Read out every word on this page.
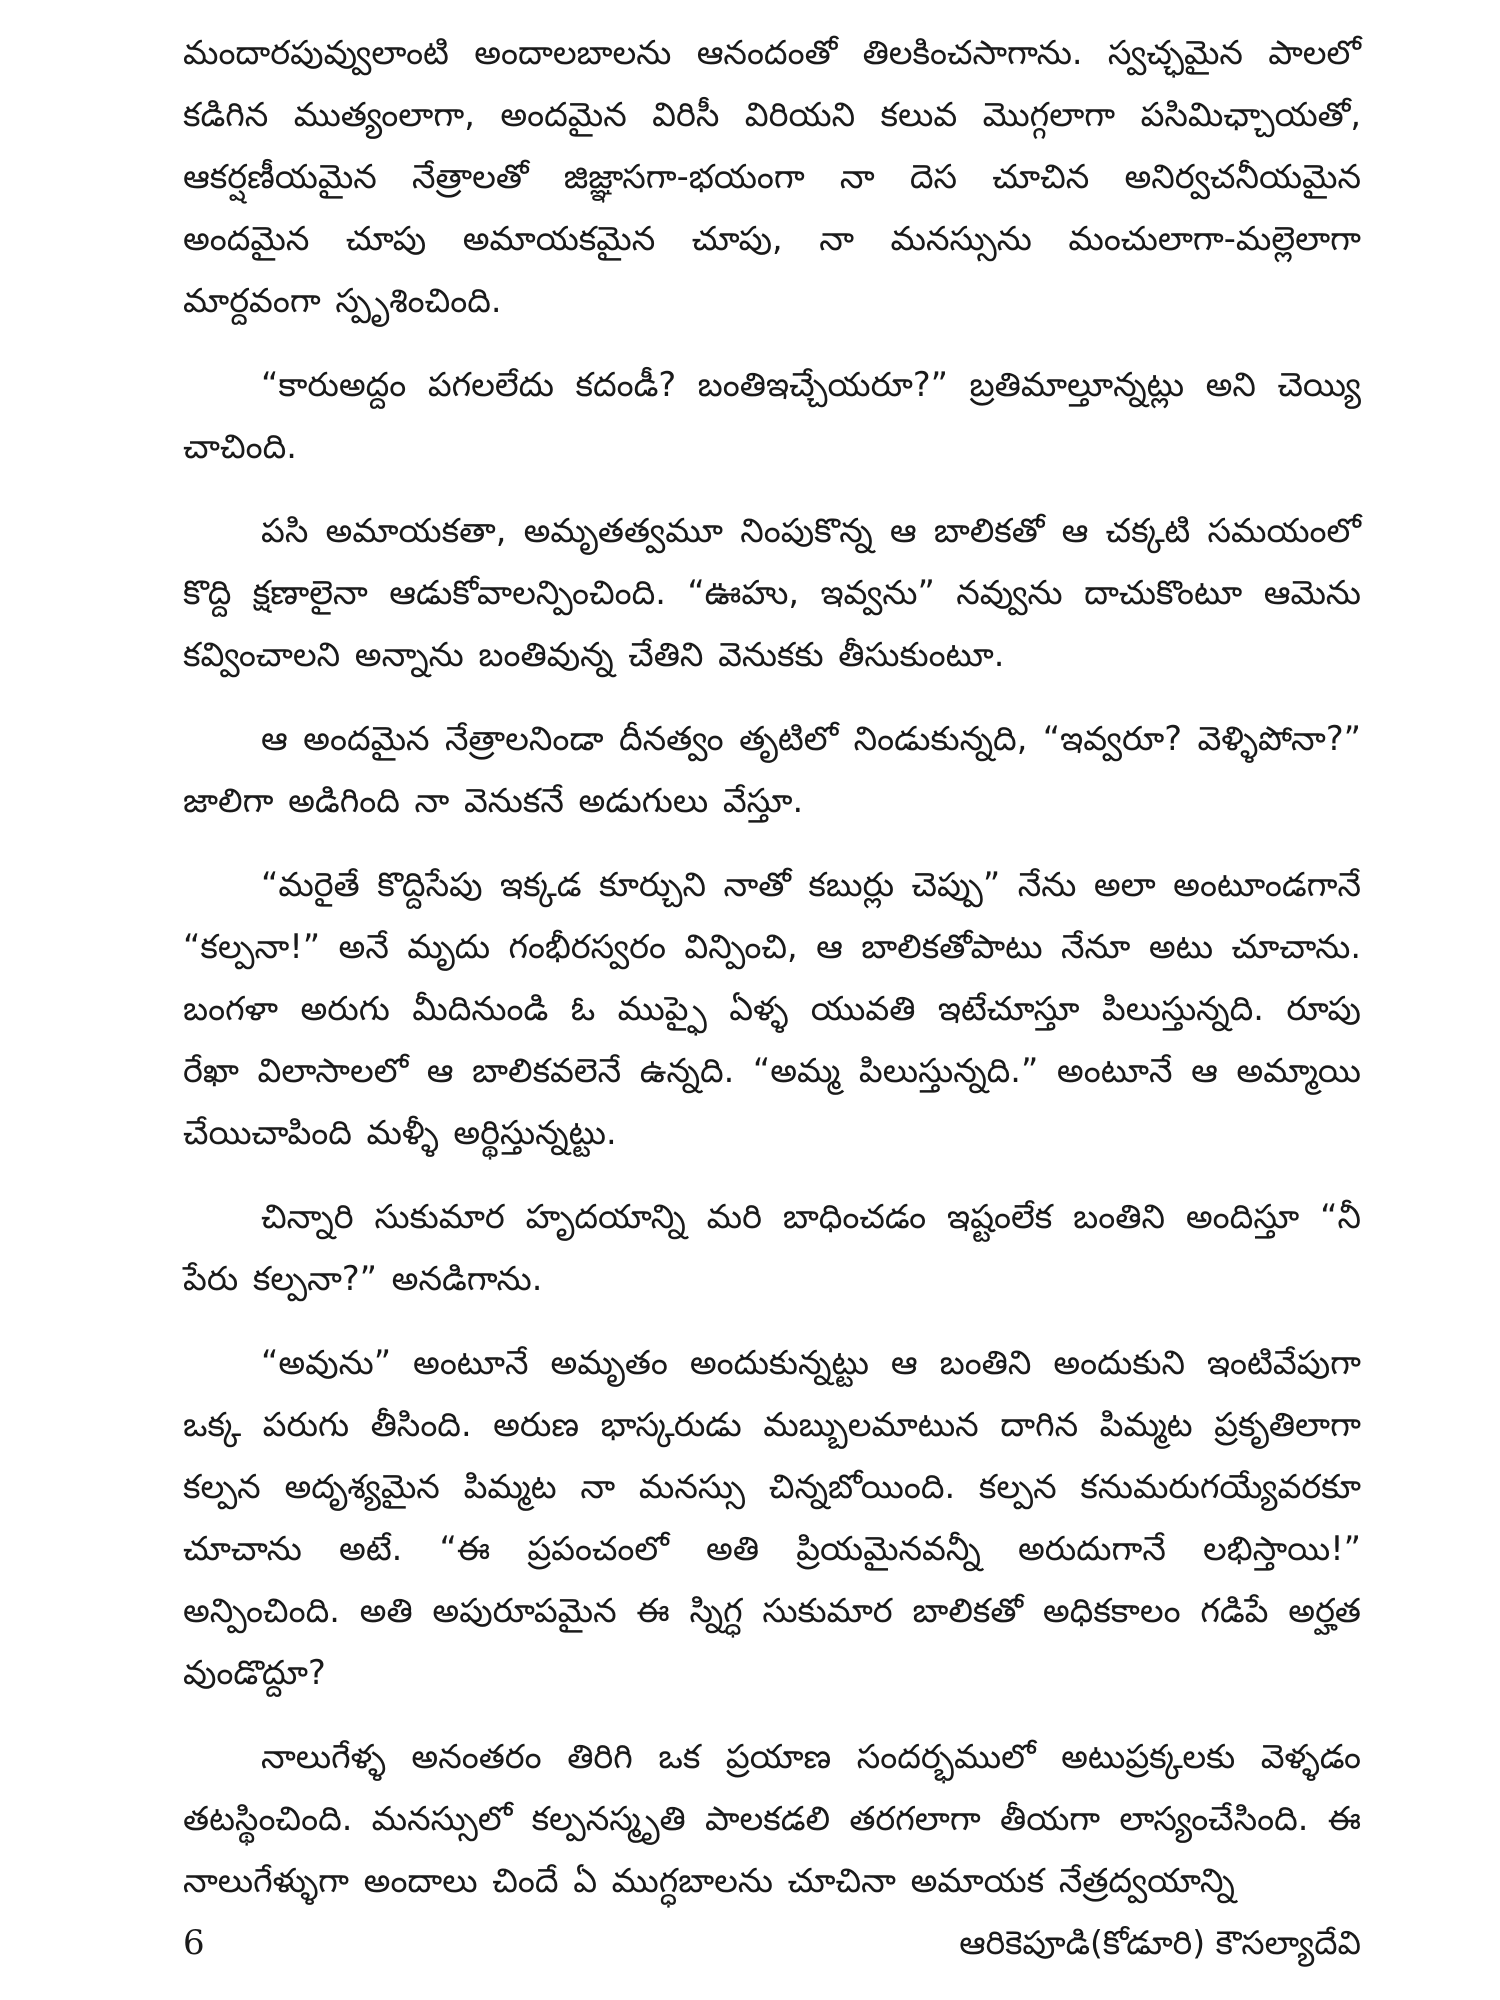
మందారపువ్వులాంటి అందాలబాలను ఆనందంతో తిలకించసాగాను. స్వచ్ఛమైన పాలలో కడిగిన ముత్యంలాగా, అందమైన విరిసీ విరియని కలువ మొగ్గలాగా పసిమిఛ్చాయతో, ఆకర్షణీయమైన నేత్రాలతో జిజ్ఞాసగా-భయంగా నా దెస చూచిన అనిర్వచనీయమైన అందమైన చూపు అమాయకమైన చూపు, నా మనస్సును మంచులాగా-మల్లెలాగా మార్దవంగా స్పృశించింది.

“కారుఅద్దం పగలలేదు కదండీ? బంతిఇచ్చేయరూ?” బ్రతిమాల్తూన్నట్లు అని చెయ్యి చాచింది.

పసి అమాయకతా, అమృతత్వమూ నింపుకొన్న ఆ బాలికతో ఆ చక్కటి సమయంలో కొద్ది క్షణాలైనా ఆడుకోవాలన్పించింది. “ఊహు, ఇవ్వను” నవ్వును దాచుకొంటూ ఆమెను కవ్వించాలని అన్నాను బంతివున్న చేతిని వెనుకకు తీసుకుంటూ.

ఆ అందమైన నేత్రాలనిండా దీనత్వం తృటిలో నిండుకున్నది, “ఇవ్వరూ? వెళ్ళిపోనా?” జాలిగా అడిగింది నా వెనుకనే అడుగులు వేస్తూ.

“మరైతే కొద్దిసేపు ఇక్కడ కూర్చుని నాతో కబుర్లు చెప్పు” నేను అలా అంటూండగానే “కల్పనా!” అనే మృదు గంభీరస్వరం విన్పించి, ఆ బాలికతోపాటు నేనూ అటు చూచాను. బంగళా అరుగు మీదినుండి ఓ ముప్ఫై ఏళ్ళ యువతి ఇటేచూస్తూ పిలుస్తున్నది. రూపు రేఖా విలాసాలలో ఆ బాలికవలెనే ఉన్నది. “అమ్మ పిలుస్తున్నది.” అంటూనే ఆ అమ్మాయి చేయిచాపింది మళ్ళీ అర్థిస్తున్నట్టు.

చిన్నారి సుకుమార హృదయాన్ని మరి బాధించడం ఇష్టంలేక బంతిని అందిస్తూ “నీ పేరు కల్పనా?” అనడిగాను.

“అవును” అంటూనే అమృతం అందుకున్నట్టు ఆ బంతిని అందుకుని ఇంటివేపుగా ఒక్క పరుగు తీసింది. అరుణ భాస్కరుడు మబ్బులమాటున దాగిన పిమ్మట ప్రకృతిలాగా కల్పన అదృశ్యమైన పిమ్మట నా మనస్సు చిన్నబోయింది. కల్పన కనుమరుగయ్యేవరకూ చూచాను అటే. “ఈ ప్రపంచంలో అతి ప్రియమైనవన్నీ అరుదుగానే లభిస్తాయి!” అన్పించింది. అతి అపురూపమైన ఈ స్నిగ్ధ సుకుమార బాలికతో అధికకాలం గడిపే అర్హత వుండొద్దూ?

నాలుగేళ్ళ అనంతరం తిరిగి ఒక ప్రయాణ సందర్భములో అటుప్రక్కలకు వెళ్ళడం తటస్థించింది. మనస్సులో కల్పనస్మృతి పాలకడలి తరగలాగా తీయగా లాస్యంచేసింది. ఈ నాలుగేళ్ళుగా అందాలు చిందే ఏ ముగ్ధబాలను చూచినా అమాయక నేత్రద్వయాన్ని

6	ఆరికెపూడి(కోడూరి) కౌసల్యాదేవి
